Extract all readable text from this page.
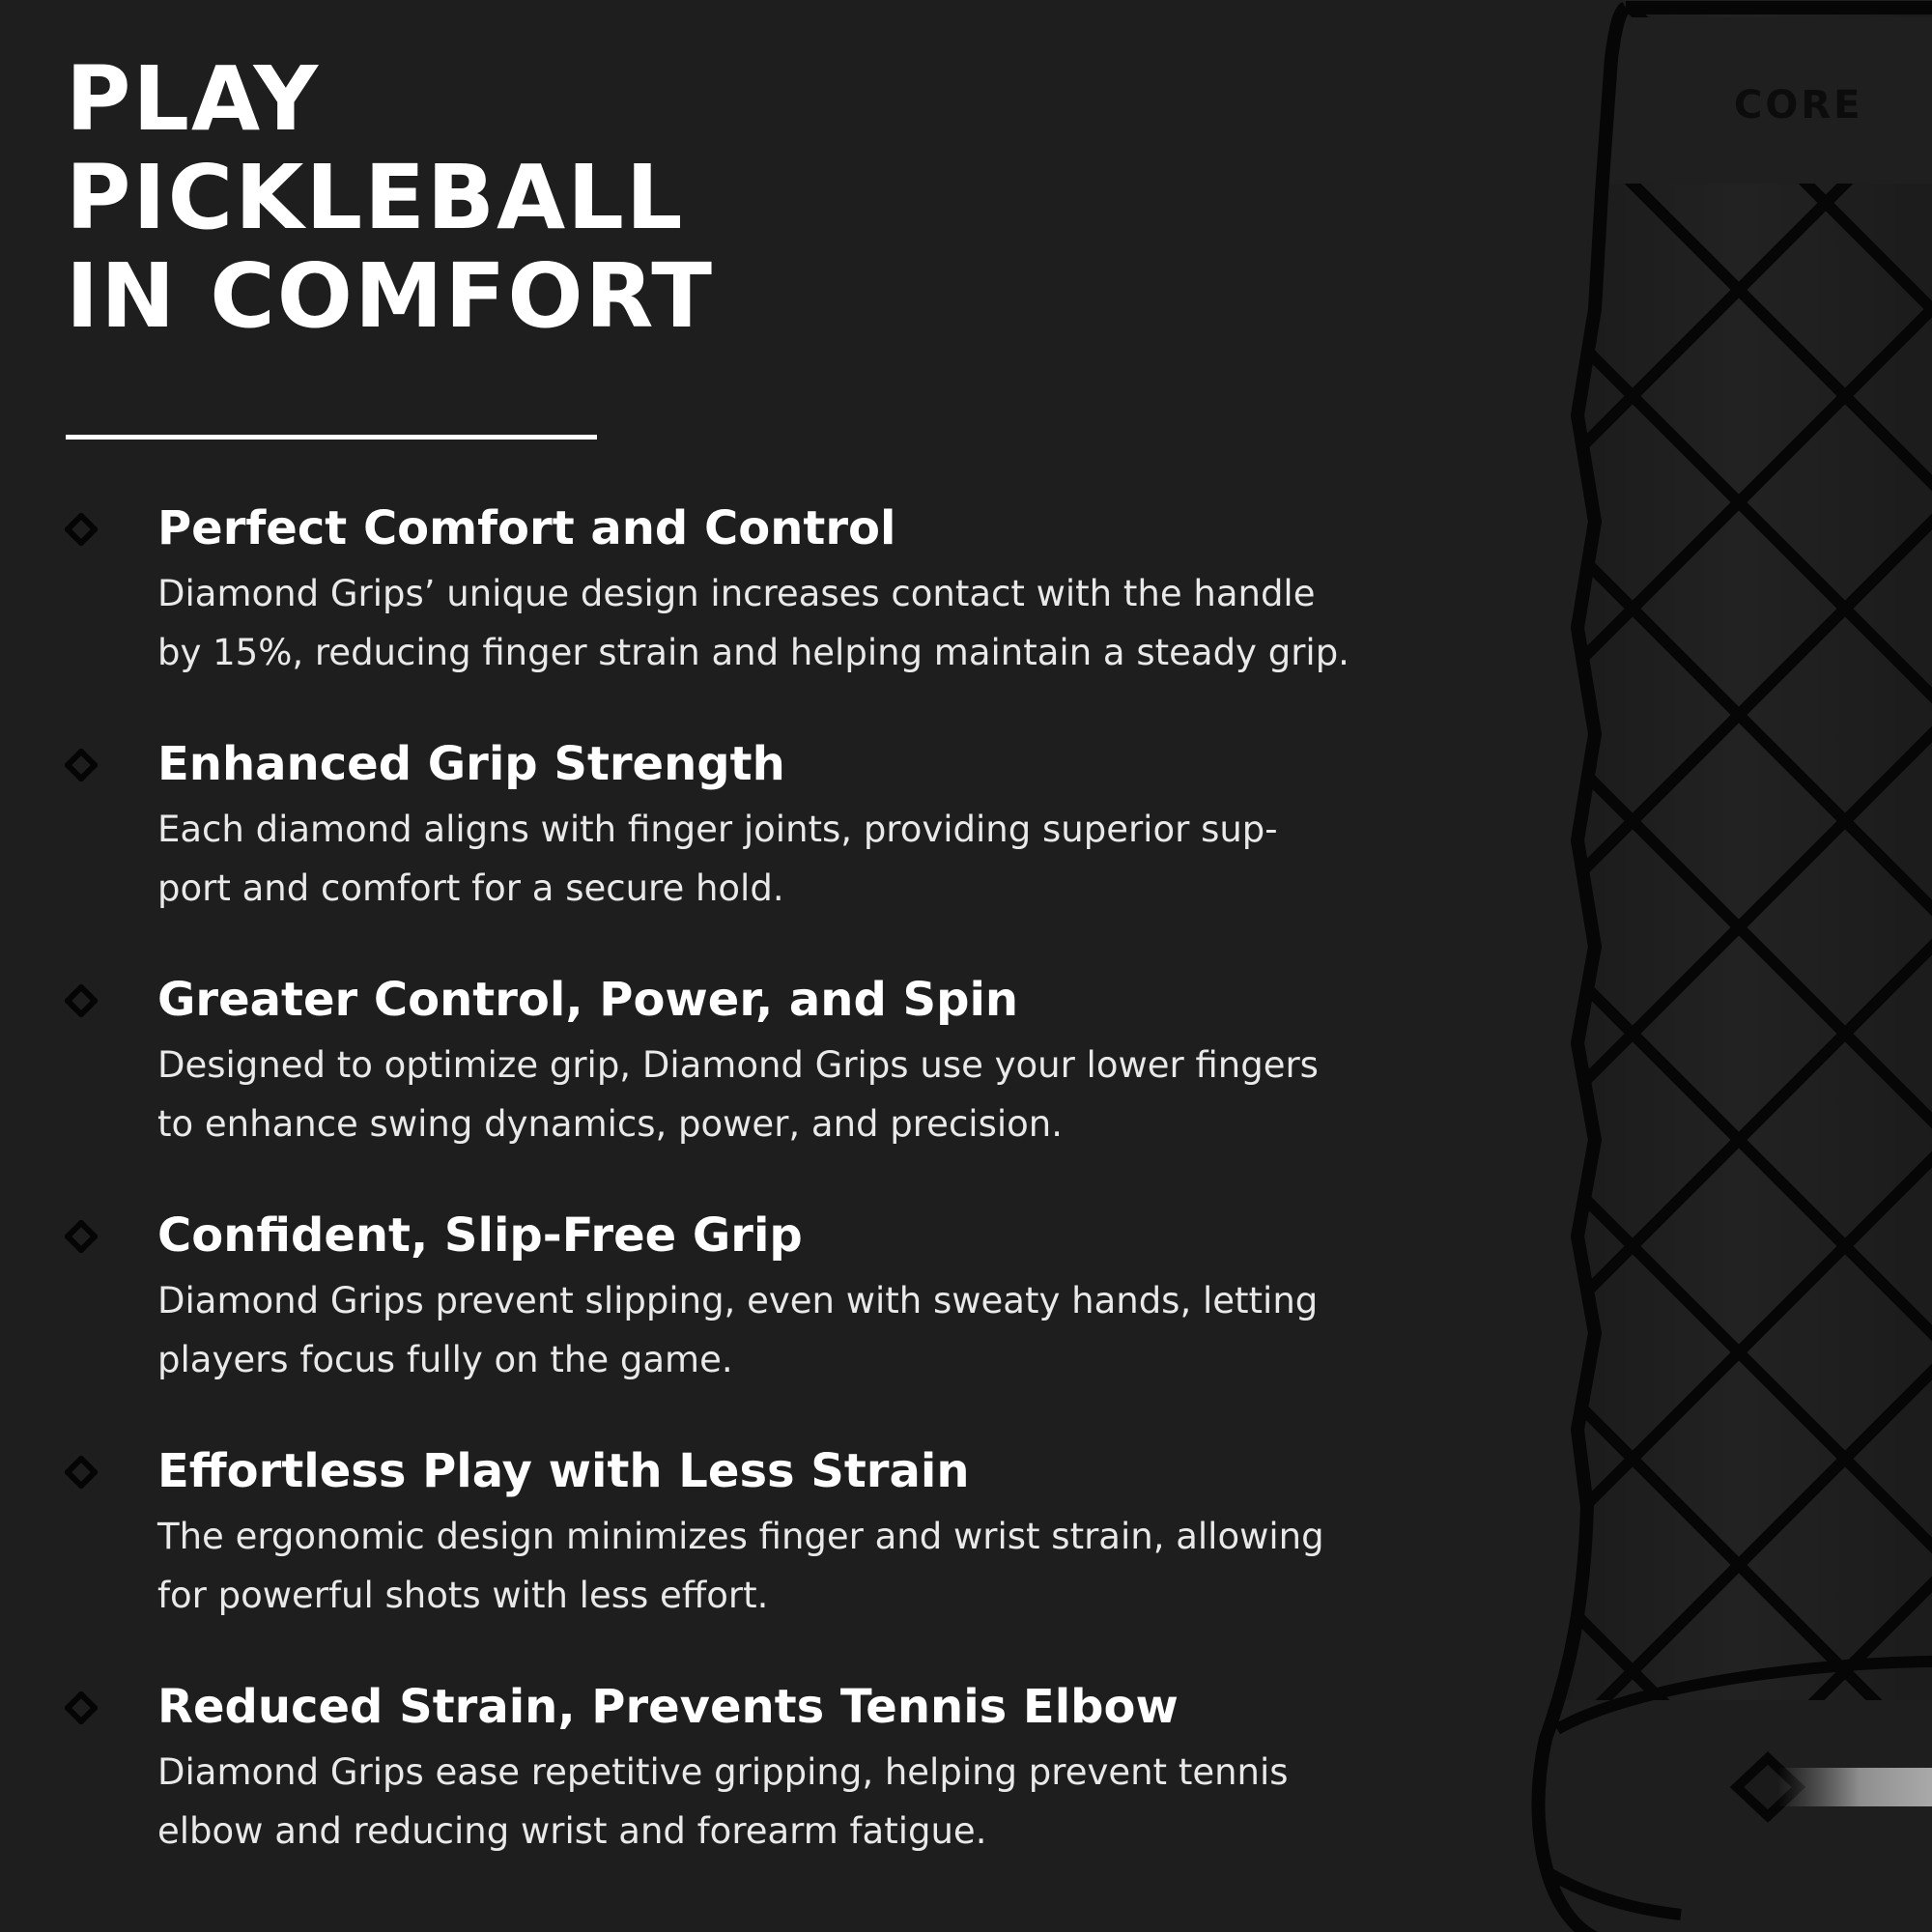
PLAY
PICKLEBALL
IN COMFORT
Perfect Comfort and Control
Diamond Grips’ unique design increases contact with the handle
by 15%, reducing finger strain and helping maintain a steady grip.
Enhanced Grip Strength
Each diamond aligns with finger joints, providing superior sup-
port and comfort for a secure hold.
Greater Control, Power, and Spin
Designed to optimize grip, Diamond Grips use your lower fingers
to enhance swing dynamics, power, and precision.
Confident, Slip-Free Grip
Diamond Grips prevent slipping, even with sweaty hands, letting
players focus fully on the game.
Effortless Play with Less Strain
The ergonomic design minimizes finger and wrist strain, allowing
for powerful shots with less effort.
Reduced Strain, Prevents Tennis Elbow
Diamond Grips ease repetitive gripping, helping prevent tennis
elbow and reducing wrist and forearm fatigue.
CORE
